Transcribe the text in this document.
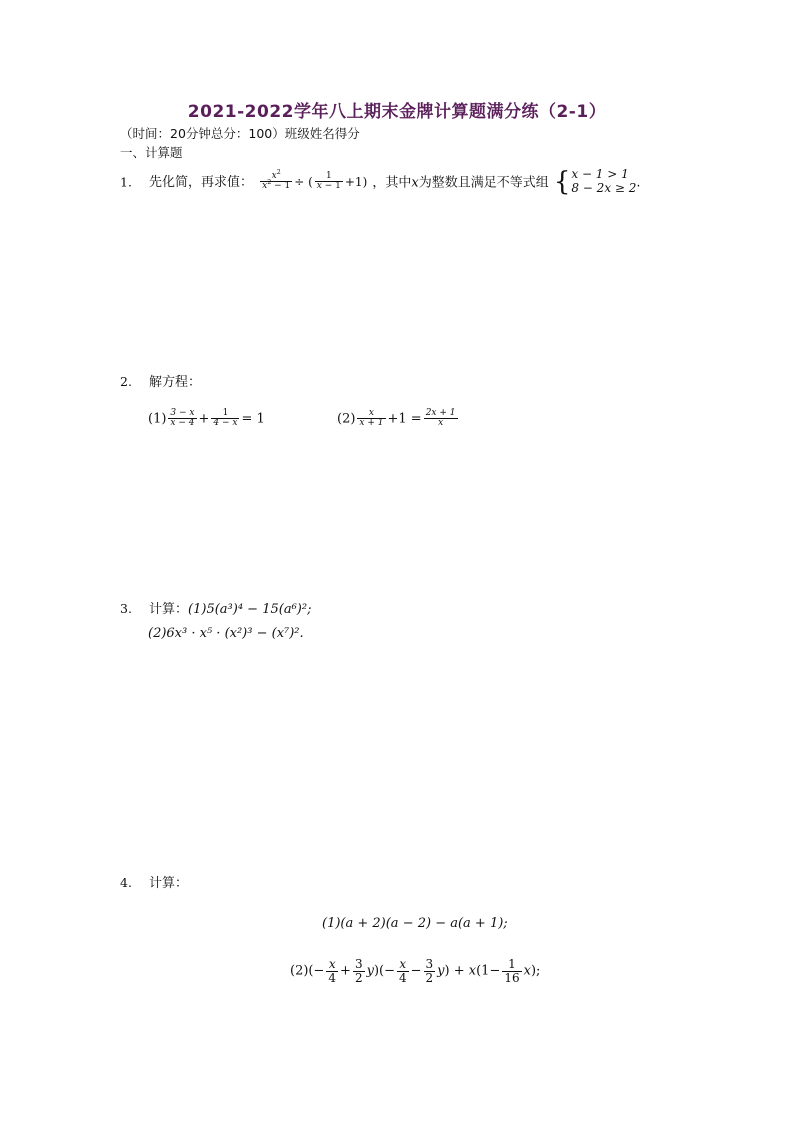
2021-2022学年八上期末金牌计算题满分练（2-1）
（时间：20分钟总分：100）班级姓名得分
一、计算题
1. 先化简，再求值： $\frac{x^2}{x^2 - 1}$ ÷ ( $\frac{1}{x - 1} +1$) ，其中x为整数且满足不等式组 { x − 1 > 1
8 − 2x ≥ 2 .
2. 解方程：
$(1) \frac{3 - x}{x - 4} + \frac{1}{4 - x} = 1$	$(2) \frac{x}{x + 1} +1 = \frac{2x + 1}{x}$
3. 计算：(1)5(a³)⁴ − 15(a⁶)²;
(2)6x³ · x⁵ · (x²)³ − (x⁷)².
4. 计算：
(1)(a + 2)(a − 2) − a(a + 1);
$(2)(- \frac{x}{4} + \frac{3}{2} y)(- \frac{x}{4} - \frac{3}{2} y) + x(1- \frac{1}{16} x)$;
